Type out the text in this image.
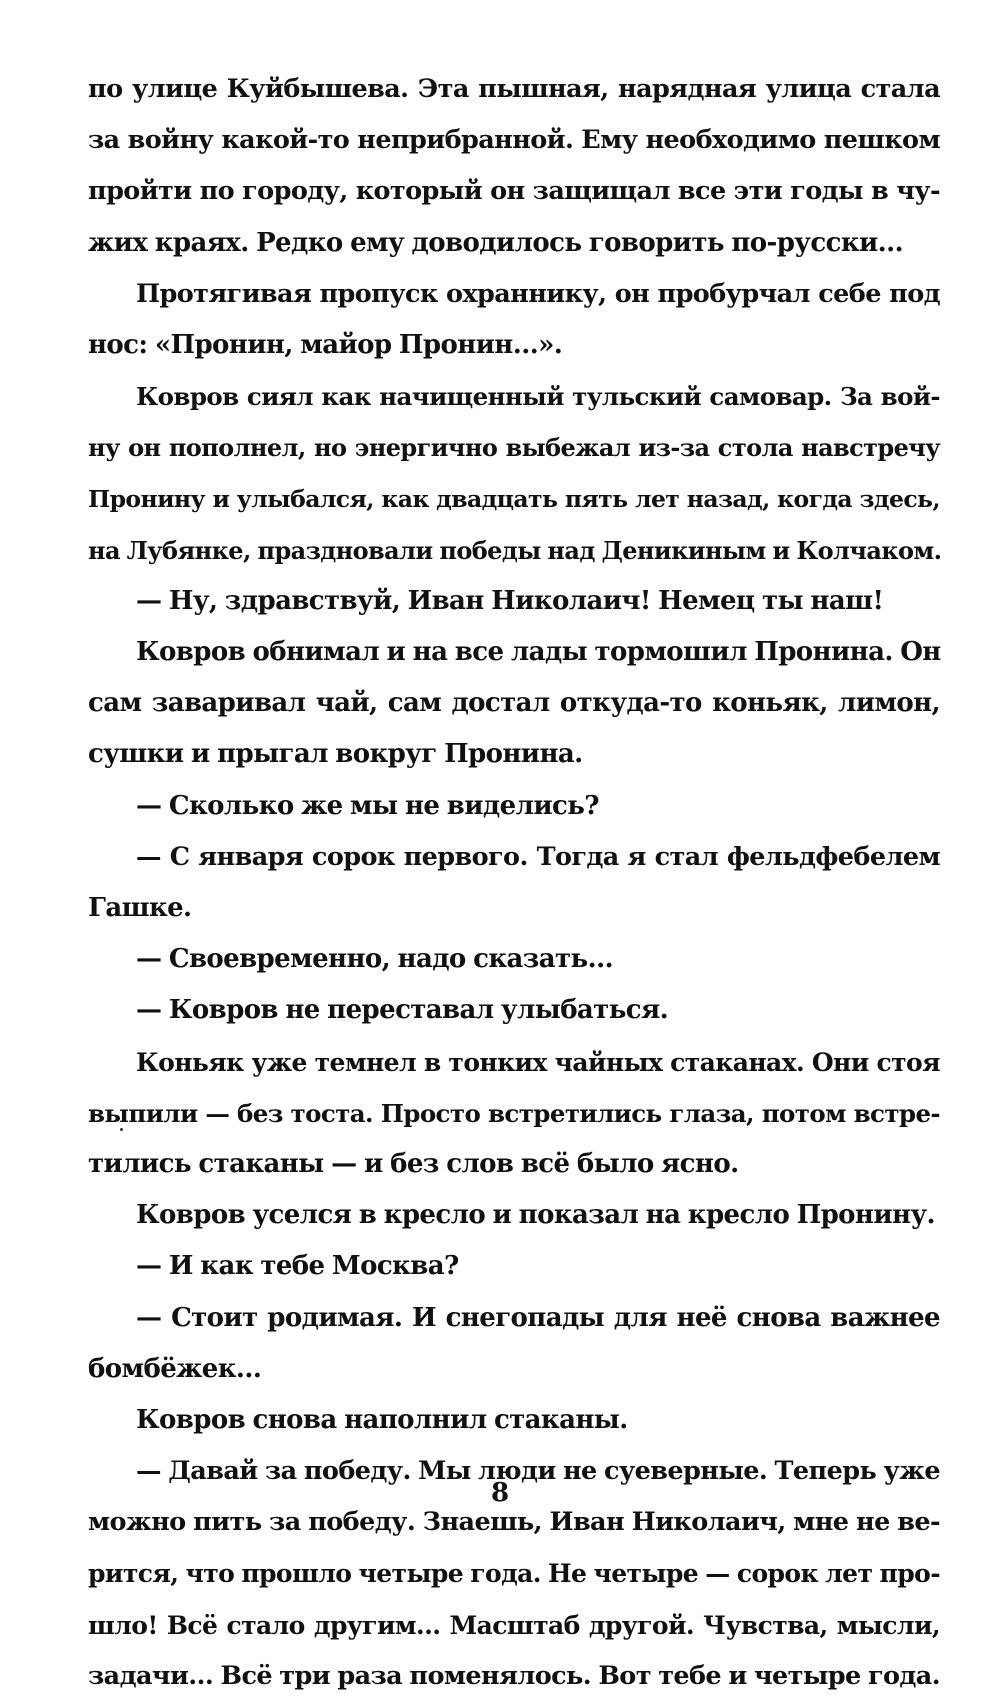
по улице Куйбышева. Эта пышная, нарядная улица стала
за войну какой-то неприбранной. Ему необходимо пешком
пройти по городу, который он защищал все эти годы в чу-
жих краях. Редко ему доводилось говорить по-русски…
Протягивая пропуск охраннику, он пробурчал себе под
нос: «Пронин, майор Пронин…».
Ковров сиял как начищенный тульский самовар. За вой-
ну он пополнел, но энергично выбежал из-за стола навстречу
Пронину и улыбался, как двадцать пять лет назад, когда здесь,
на Лубянке, праздновали победы над Деникиным и Колчаком.
— Ну, здравствуй, Иван Николаич! Немец ты наш!
Ковров обнимал и на все лады тормошил Пронина. Он
сам заваривал чай, сам достал откуда-то коньяк, лимон,
сушки и прыгал вокруг Пронина.
— Сколько же мы не виделись?
— С января сорок первого. Тогда я стал фельдфебелем
Гашке.
— Своевременно, надо сказать…
— Ковров не переставал улыбаться.
Коньяк уже темнел в тонких чайных стаканах. Они стоя
выпили — без тоста. Просто встретились глаза, потом встре-
тились стаканы — и без слов всё было ясно.
Ковров уселся в кресло и показал на кресло Пронину.
— И как тебе Москва?
— Стоит родимая. И снегопады для неё снова важнее
бомбёжек…
Ковров снова наполнил стаканы.
— Давай за победу. Мы люди не суеверные. Теперь уже
можно пить за победу. Знаешь, Иван Николаич, мне не ве-
рится, что прошло четыре года. Не четыре — сорок лет про-
шло! Всё стало другим… Масштаб другой. Чувства, мысли,
задачи… Всё три раза поменялось. Вот тебе и четыре года.
8
